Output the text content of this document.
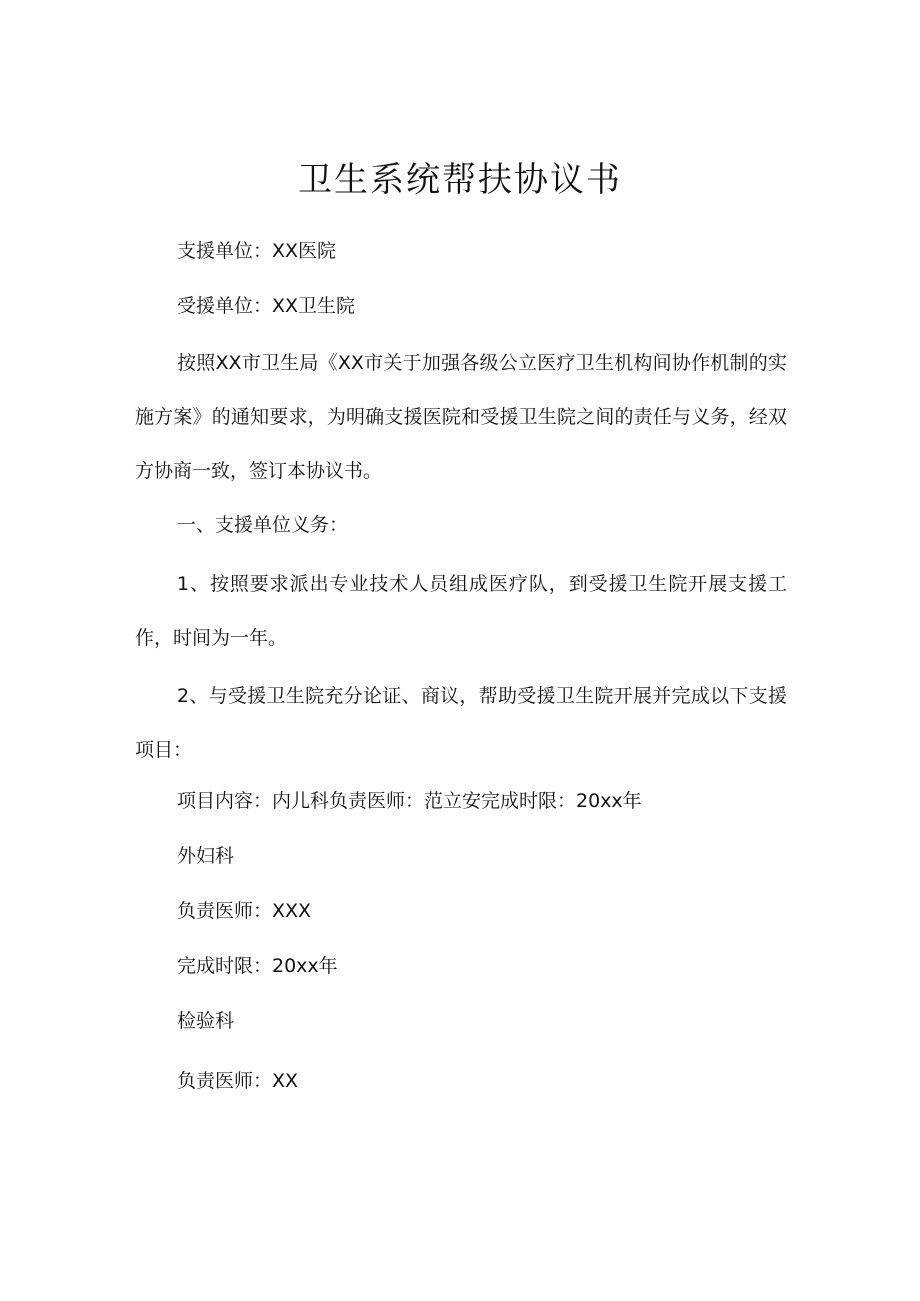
卫生系统帮扶协议书

支援单位：XX医院

受援单位：XX卫生院

按照XX市卫生局《XX市关于加强各级公立医疗卫生机构间协作机制的实施方案》的通知要求，为明确支援医院和受援卫生院之间的责任与义务，经双方协商一致，签订本协议书。

一、支援单位义务：

1、按照要求派出专业技术人员组成医疗队，到受援卫生院开展支援工作，时间为一年。

2、与受援卫生院充分论证、商议，帮助受援卫生院开展并完成以下支援项目：

项目内容：内儿科负责医师：范立安完成时限：20xx年

外妇科

负责医师：XXX

完成时限：20xx年

检验科

负责医师：XX
